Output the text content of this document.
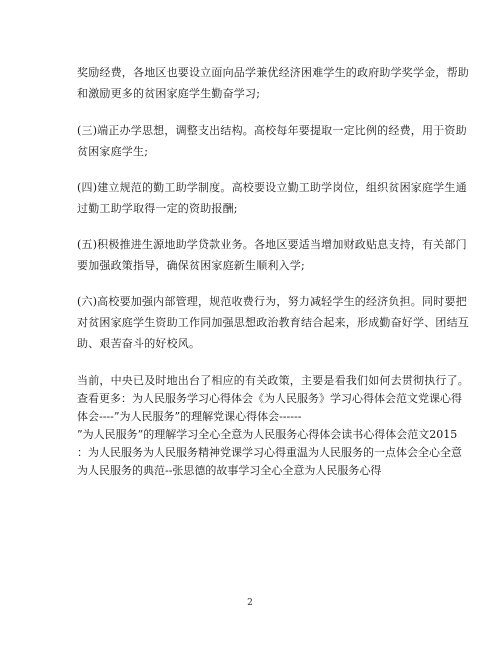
奖励经费，各地区也要设立面向品学兼优经济困难学生的政府助学奖学金，帮助
和激励更多的贫困家庭学生勤奋学习;

(三)端正办学思想，调整支出结构。高校每年要提取一定比例的经费，用于资助
贫困家庭学生;

(四)建立规范的勤工助学制度。高校要设立勤工助学岗位，组织贫困家庭学生通
过勤工助学取得一定的资助报酬;

(五)积极推进生源地助学贷款业务。各地区要适当增加财政贴息支持，有关部门
要加强政策指导，确保贫困家庭新生顺利入学;

(六)高校要加强内部管理，规范收费行为，努力减轻学生的经济负担。同时要把
对贫困家庭学生资助工作同加强思想政治教育结合起来，形成勤奋好学、团结互
助、艰苦奋斗的好校风。

当前，中央已及时地出台了相应的有关政策，主要是看我们如何去贯彻执行了。

查看更多：为人民服务学习心得体会《为人民服务》学习心得体会范文党课心得
体会----”为人民服务”的理解党课心得体会------
”为人民服务”的理解学习全心全意为人民服务心得体会读书心得体会范文2015
：为人民服务为人民服务精神党课学习心得重温为人民服务的一点体会全心全意
为人民服务的典范--张思德的故事学习全心全意为人民服务心得

2
